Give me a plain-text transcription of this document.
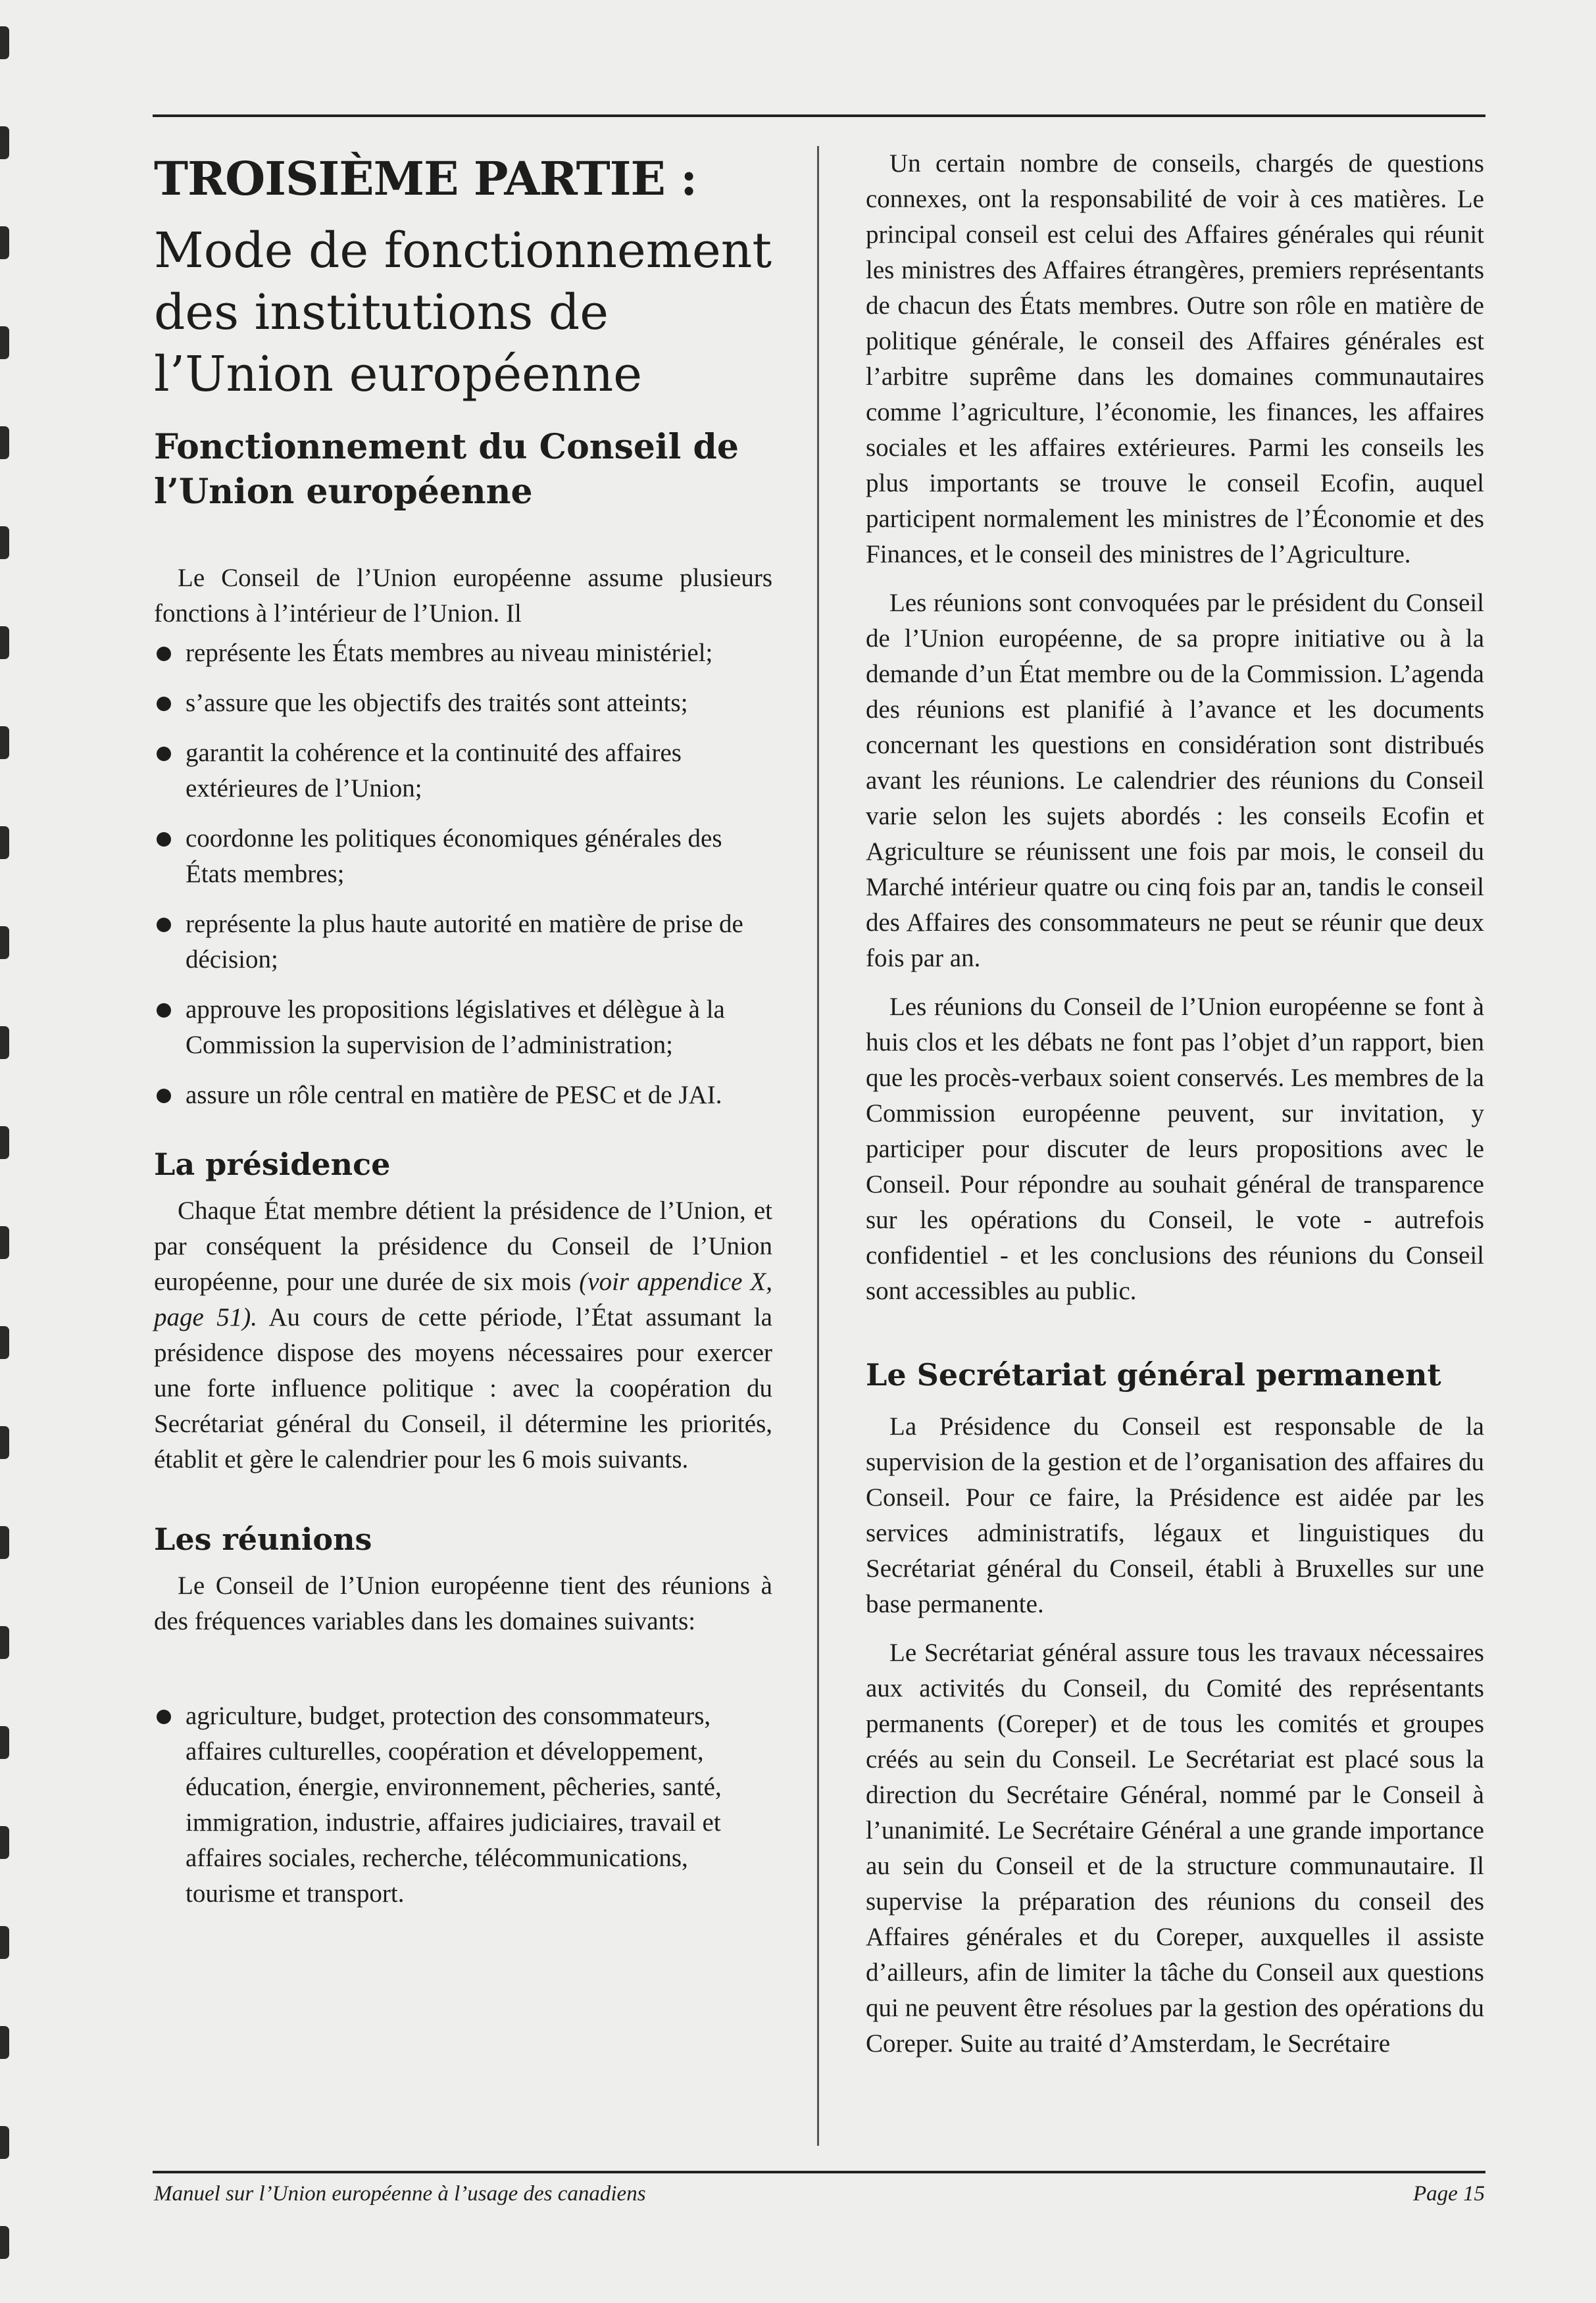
TROISIÈME PARTIE :
Mode de fonctionnement des institutions de l’Union européenne
Fonctionnement du Conseil de l’Union européenne

Le Conseil de l’Union européenne assume plusieurs fonctions à l’intérieur de l’Union. Il

représente les États membres au niveau ministériel;
s’assure que les objectifs des traités sont atteints;
garantit la cohérence et la continuité des affaires extérieures de l’Union;
coordonne les politiques économiques générales des États membres;
représente la plus haute autorité en matière de prise de décision;
approuve les propositions législatives et délègue à la Commission la supervision de l’administration;
assure un rôle central en matière de PESC et de JAI.
La présidence

Chaque État membre détient la présidence de l’Union, et par conséquent la présidence du Conseil de l’Union européenne, pour une durée de six mois (voir appendice X, page 51). Au cours de cette période, l’État assumant la présidence dispose des moyens nécessaires pour exercer une forte influence politique : avec la coopération du Secrétariat général du Conseil, il détermine les priorités, établit et gère le calendrier pour les 6 mois suivants.

Les réunions

Le Conseil de l’Union européenne tient des réunions à des fréquences variables dans les domaines suivants:

agriculture, budget, protection des consommateurs, affaires culturelles, coopération et développement, éducation, énergie, environnement, pêcheries, santé, immigration, industrie, affaires judiciaires, travail et affaires sociales, recherche, télécommunications, tourisme et transport.

Un certain nombre de conseils, chargés de questions connexes, ont la responsabilité de voir à ces matières. Le principal conseil est celui des Affaires générales qui réunit les ministres des Affaires étrangères, premiers représentants de chacun des États membres. Outre son rôle en matière de politique générale, le conseil des Affaires générales est l’arbitre suprême dans les domaines communautaires comme l’agriculture, l’économie, les finances, les affaires sociales et les affaires extérieures. Parmi les conseils les plus importants se trouve le conseil Ecofin, auquel participent normalement les ministres de l’Économie et des Finances, et le conseil des ministres de l’Agriculture.

Les réunions sont convoquées par le président du Conseil de l’Union européenne, de sa propre initiative ou à la demande d’un État membre ou de la Commission. L’agenda des réunions est planifié à l’avance et les documents concernant les questions en considération sont distribués avant les réunions. Le calendrier des réunions du Conseil varie selon les sujets abordés : les conseils Ecofin et Agriculture se réunissent une fois par mois, le conseil du Marché intérieur quatre ou cinq fois par an, tandis le conseil des Affaires des consommateurs ne peut se réunir que deux fois par an.

Les réunions du Conseil de l’Union européenne se font à huis clos et les débats ne font pas l’objet d’un rapport, bien que les procès-verbaux soient conservés. Les membres de la Commission européenne peuvent, sur invitation, y participer pour discuter de leurs propositions avec le Conseil. Pour répondre au souhait général de transparence sur les opérations du Conseil, le vote - autrefois confidentiel - et les conclusions des réunions du Conseil sont accessibles au public.

Le Secrétariat général permanent

La Présidence du Conseil est responsable de la supervision de la gestion et de l’organisation des affaires du Conseil. Pour ce faire, la Présidence est aidée par les services administratifs, légaux et linguistiques du Secrétariat général du Conseil, établi à Bruxelles sur une base permanente.

Le Secrétariat général assure tous les travaux nécessaires aux activités du Conseil, du Comité des représentants permanents (Coreper) et de tous les comités et groupes créés au sein du Conseil. Le Secrétariat est placé sous la direction du Secrétaire Général, nommé par le Conseil à l’unanimité. Le Secrétaire Général a une grande importance au sein du Conseil et de la structure communautaire. Il supervise la préparation des réunions du conseil des Affaires générales et du Coreper, auxquelles il assiste d’ailleurs, afin de limiter la tâche du Conseil aux questions qui ne peuvent être résolues par la gestion des opérations du Coreper. Suite au traité d’Amsterdam, le Secrétaire

Manuel sur l’Union européenne à l’usage des canadiens	Page 15
